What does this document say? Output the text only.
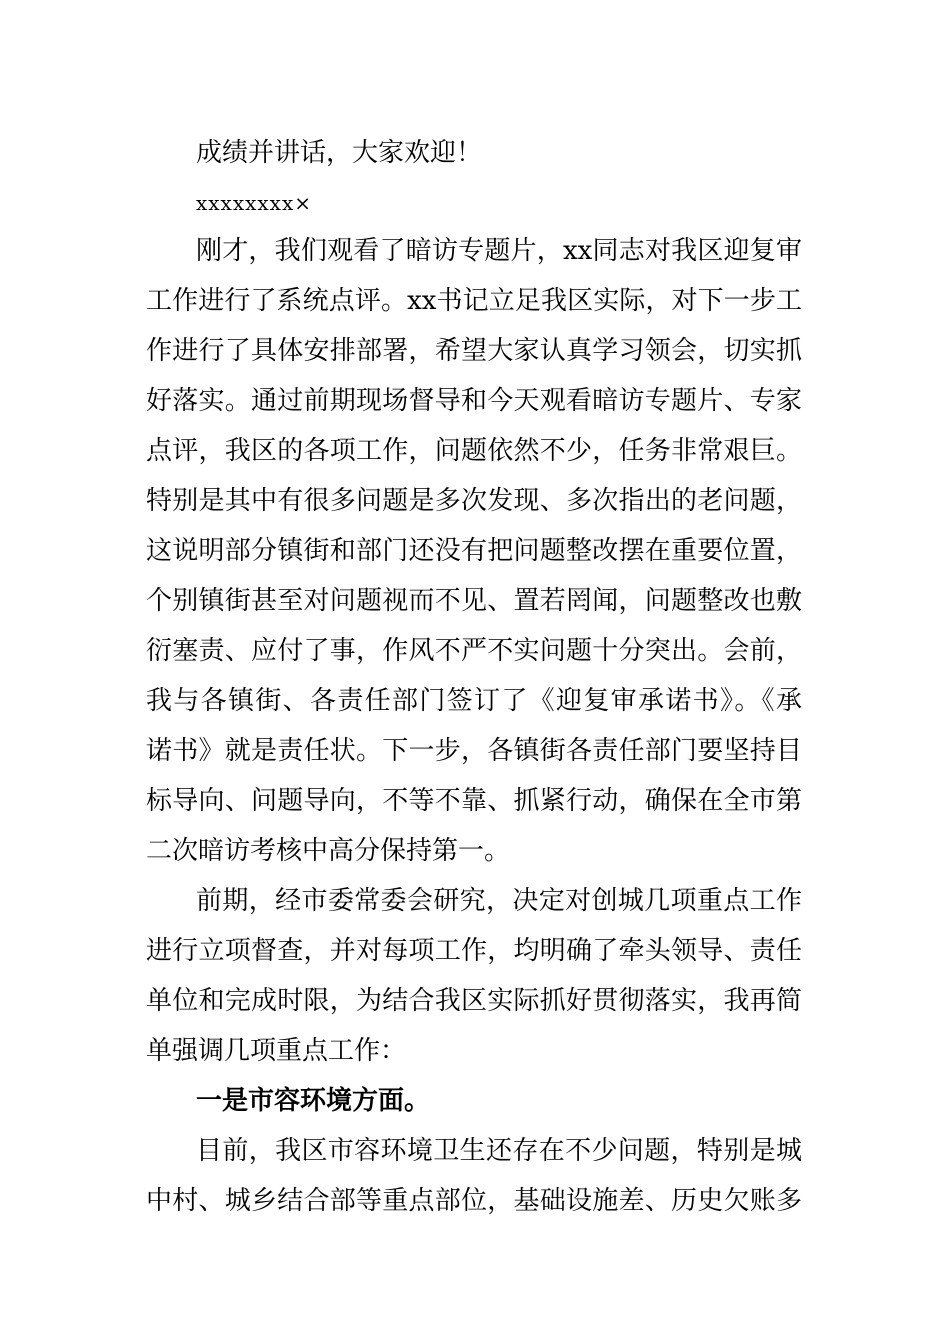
成绩并讲话，大家欢迎！
xxxxxxxx×
刚才，我们观看了暗访专题片，xx同志对我区迎复审
工作进行了系统点评。xx书记立足我区实际，对下一步工
作进行了具体安排部署，希望大家认真学习领会，切实抓
好落实。通过前期现场督导和今天观看暗访专题片、专家
点评，我区的各项工作，问题依然不少，任务非常艰巨。
特别是其中有很多问题是多次发现、多次指出的老问题，
这说明部分镇街和部门还没有把问题整改摆在重要位置，
个别镇街甚至对问题视而不见、置若罔闻，问题整改也敷
衍塞责、应付了事，作风不严不实问题十分突出。会前，
我与各镇街、各责任部门签订了《迎复审承诺书》。《承
诺书》就是责任状。下一步，各镇街各责任部门要坚持目
标导向、问题导向，不等不靠、抓紧行动，确保在全市第
二次暗访考核中高分保持第一。
前期，经市委常委会研究，决定对创城几项重点工作
进行立项督查，并对每项工作，均明确了牵头领导、责任
单位和完成时限，为结合我区实际抓好贯彻落实，我再简
单强调几项重点工作：
一是市容环境方面。
目前，我区市容环境卫生还存在不少问题，特别是城
中村、城乡结合部等重点部位，基础设施差、历史欠账多
